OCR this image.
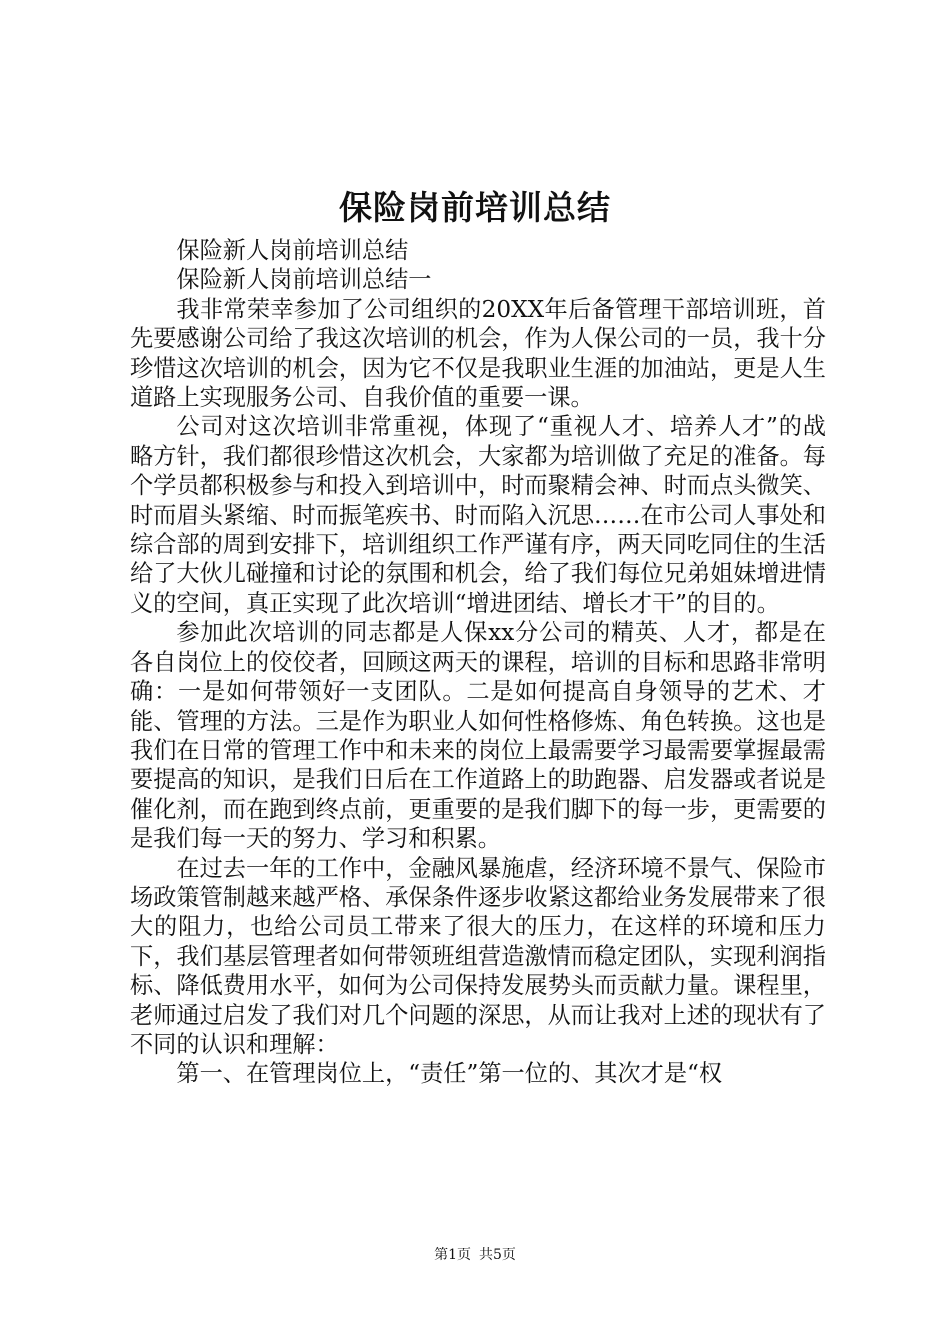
保险岗前培训总结

保险新人岗前培训总结

保险新人岗前培训总结一

我非常荣幸参加了公司组织的20XX年后备管理干部培训班，首先要感谢公司给了我这次培训的机会，作为人保公司的一员，我十分珍惜这次培训的机会，因为它不仅是我职业生涯的加油站，更是人生道路上实现服务公司、自我价值的重要一课。

公司对这次培训非常重视，体现了“重视人才、培养人才”的战略方针，我们都很珍惜这次机会，大家都为培训做了充足的准备。每个学员都积极参与和投入到培训中，时而聚精会神、时而点头微笑、时而眉头紧缩、时而振笔疾书、时而陷入沉思……在市公司人事处和综合部的周到安排下，培训组织工作严谨有序，两天同吃同住的生活给了大伙儿碰撞和讨论的氛围和机会，给了我们每位兄弟姐妹增进情义的空间，真正实现了此次培训“增进团结、增长才干”的目的。

参加此次培训的同志都是人保xx分公司的精英、人才，都是在各自岗位上的佼佼者，回顾这两天的课程，培训的目标和思路非常明确：一是如何带领好一支团队。二是如何提高自身领导的艺术、才能、管理的方法。三是作为职业人如何性格修炼、角色转换。这也是我们在日常的管理工作中和未来的岗位上最需要学习最需要掌握最需要提高的知识，是我们日后在工作道路上的助跑器、启发器或者说是催化剂，而在跑到终点前，更重要的是我们脚下的每一步，更需要的是我们每一天的努力、学习和积累。

在过去一年的工作中，金融风暴施虐，经济环境不景气、保险市场政策管制越来越严格、承保条件逐步收紧这都给业务发展带来了很大的阻力，也给公司员工带来了很大的压力，在这样的环境和压力下，我们基层管理者如何带领班组营造激情而稳定团队，实现利润指标、降低费用水平，如何为公司保持发展势头而贡献力量。课程里，老师通过启发了我们对几个问题的深思，从而让我对上述的现状有了不同的认识和理解：

第一、在管理岗位上，“责任”第一位的、其次才是“权

第1页 共5页
